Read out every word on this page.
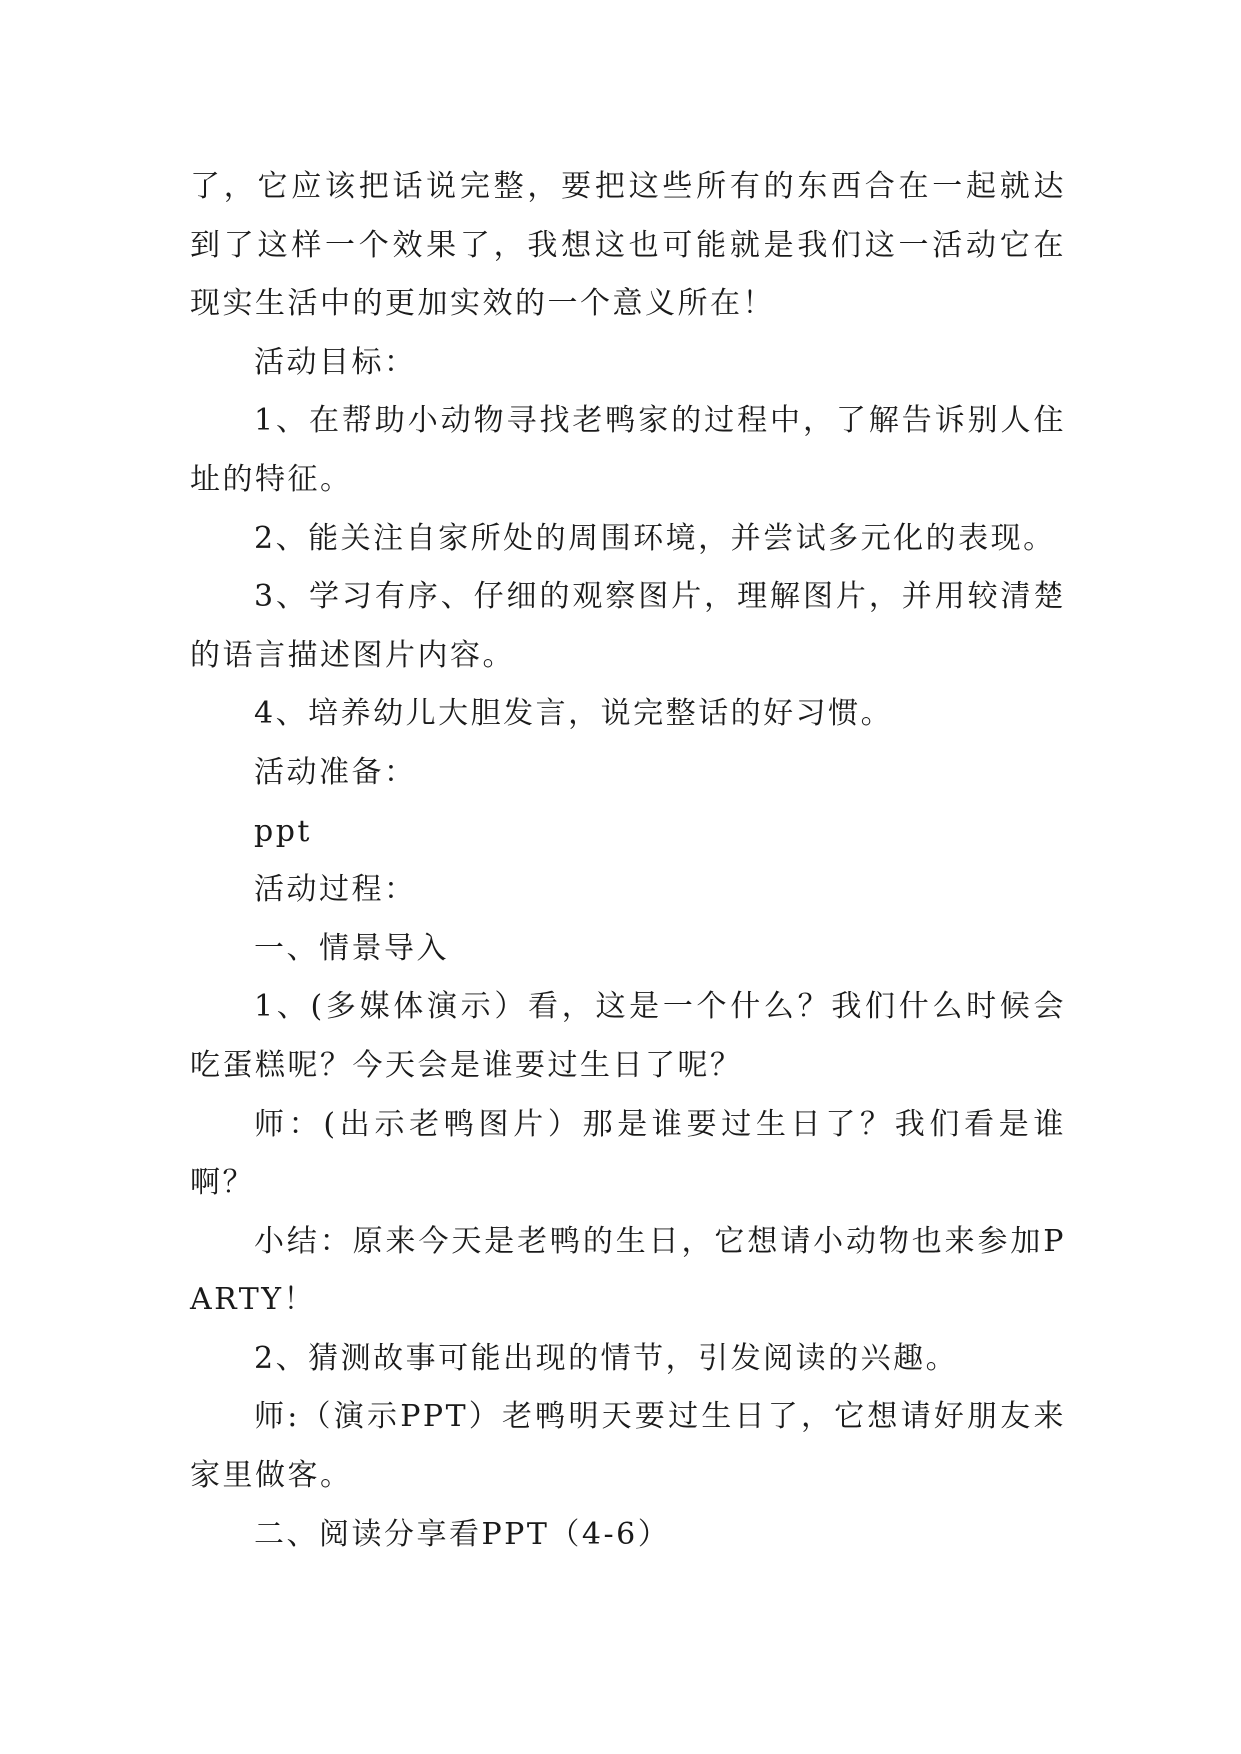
了，它应该把话说完整，要把这些所有的东西合在一起就达到了这样一个效果了，我想这也可能就是我们这一活动它在现实生活中的更加实效的一个意义所在！

活动目标：

1、在帮助小动物寻找老鸭家的过程中，了解告诉别人住址的特征。

2、能关注自家所处的周围环境，并尝试多元化的表现。

3、学习有序、仔细的观察图片，理解图片，并用较清楚的语言描述图片内容。

4、培养幼儿大胆发言，说完整话的好习惯。

活动准备：

ppt

活动过程：

一、情景导入

1、(多媒体演示）看，这是一个什么？我们什么时候会吃蛋糕呢？今天会是谁要过生日了呢？

师：(出示老鸭图片）那是谁要过生日了？我们看是谁啊？

小结：原来今天是老鸭的生日，它想请小动物也来参加PARTY！

2、猜测故事可能出现的情节，引发阅读的兴趣。

师:（演示PPT）老鸭明天要过生日了，它想请好朋友来家里做客。

二、阅读分享看PPT（4-6）
